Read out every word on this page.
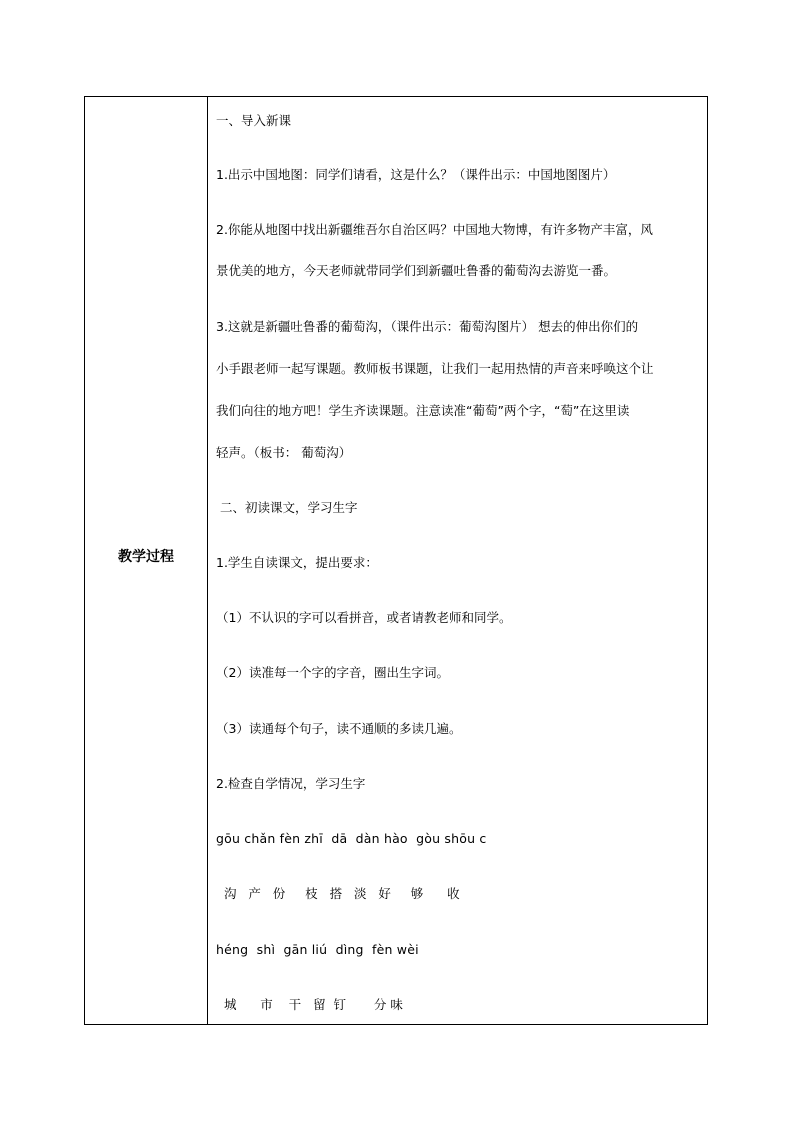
教学过程
一、导入新课
1.出示中国地图：同学们请看，这是什么？（课件出示：中国地图图片）
2.你能从地图中找出新疆维吾尔自治区吗？中国地大物博，有许多物产丰富，风
景优美的地方，今天老师就带同学们到新疆吐鲁番的葡萄沟去游览一番。
3.这就是新疆吐鲁番的葡萄沟，（课件出示：葡萄沟图片） 想去的伸出你们的
小手跟老师一起写课题。教师板书课题，让我们一起用热情的声音来呼唤这个让
我们向往的地方吧！学生齐读课题。注意读准“葡萄”两个字，“萄”在这里读
轻声。（板书： 葡萄沟）
二、初读课文，学习生字
1.学生自读课文，提出要求：
（1）不认识的字可以看拼音，或者请教老师和同学。
（2）读准每一个字的字音，圈出生字词。
（3）读通每个句子，读不通顺的多读几遍。
2.检查自学情况，学习生字
gōu chǎn fèn zhī  dā  dàn hào  gòu shōu c
沟   产   份     枝   搭   淡   好     够      收
héng  shì  gān liú  dìng  fèn wèi
城      市    干   留  钉       分 味
